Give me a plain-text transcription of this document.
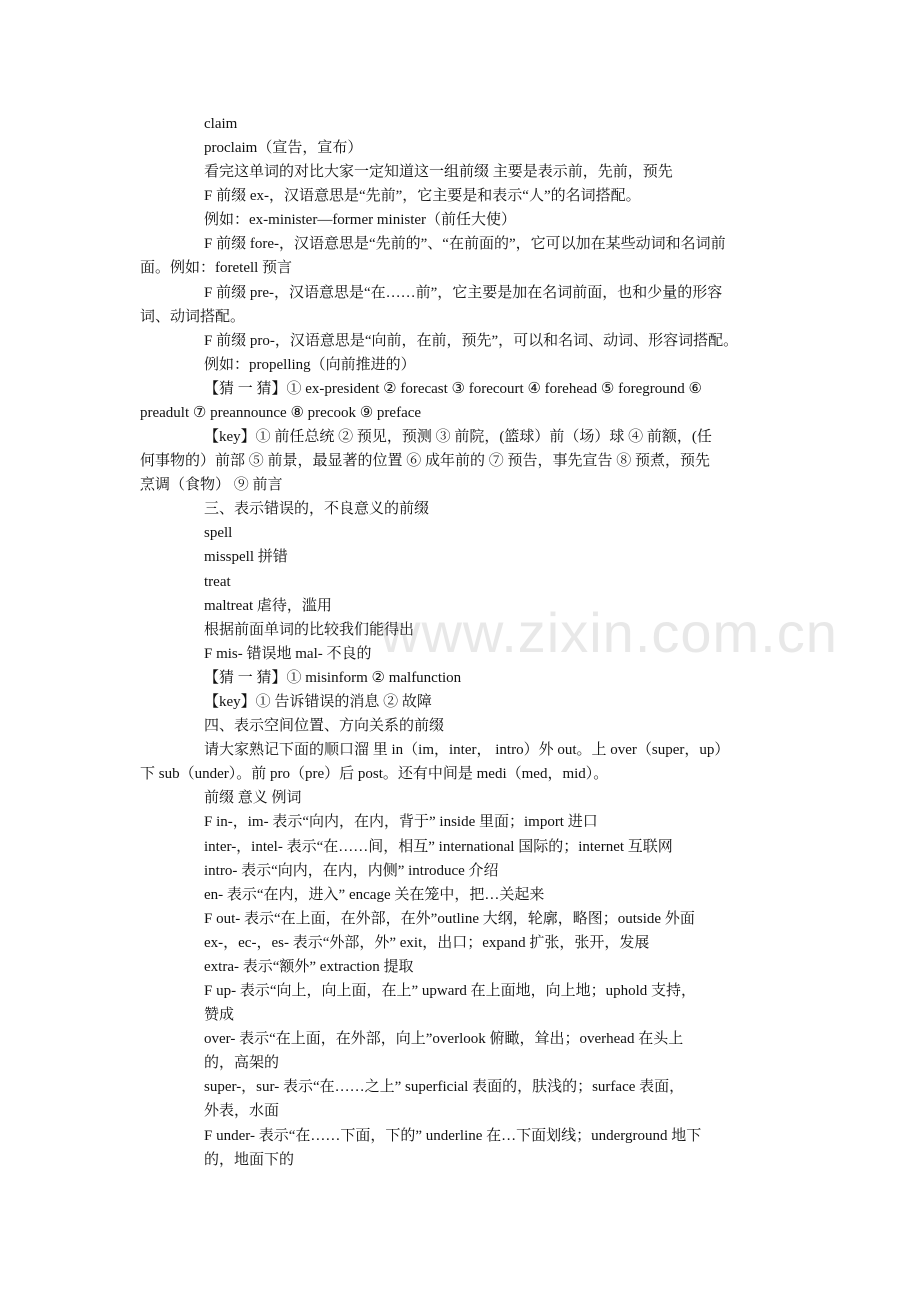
www.zixin.com.cn
claim
proclaim（宣告，宣布）
看完这单词的对比大家一定知道这一组前缀 主要是表示前，先前，预先
F 前缀 ex-，汉语意思是“先前”，它主要是和表示“人”的名词搭配。
例如：ex-minister—former minister（前任大使）
F 前缀 fore-，汉语意思是“先前的”、“在前面的”，它可以加在某些动词和名词前
面。例如：foretell 预言
F 前缀 pre-，汉语意思是“在……前”，它主要是加在名词前面，也和少量的形容
词、动词搭配。
F 前缀 pro-，汉语意思是“向前，在前，预先”，可以和名词、动词、形容词搭配。
例如：propelling（向前推进的）
【猜 一 猜】① ex-president ② forecast ③ forecourt ④ forehead ⑤ foreground ⑥
preadult ⑦ preannounce ⑧ precook ⑨ preface
【key】① 前任总统 ② 预见，预测 ③ 前院，(篮球）前（场）球 ④ 前额，(任
何事物的）前部 ⑤ 前景，最显著的位置 ⑥ 成年前的 ⑦ 预告，事先宣告 ⑧ 预煮，预先
烹调（食物） ⑨ 前言
三、表示错误的，不良意义的前缀
spell
misspell 拼错
treat
maltreat 虐待，滥用
根据前面单词的比较我们能得出
F mis- 错误地 mal- 不良的
【猜 一 猜】① misinform ② malfunction
【key】① 告诉错误的消息 ② 故障
四、表示空间位置、方向关系的前缀
请大家熟记下面的顺口溜 里 in（im，inter， intro）外 out。上 over（super，up）
下 sub（under）。前 pro（pre）后 post。还有中间是 medi（med，mid）。
前缀 意义 例词
F in-，im- 表示“向内，在内，背于” inside 里面；import 进口
inter-，intel- 表示“在……间，相互” international 国际的；internet 互联网
intro- 表示“向内，在内，内侧” introduce 介绍
en- 表示“在内，进入” encage 关在笼中，把…关起来
F out- 表示“在上面，在外部，在外”outline 大纲，轮廓，略图；outside 外面
ex-，ec-，es- 表示“外部，外” exit，出口；expand 扩张，张开，发展
extra- 表示“额外” extraction 提取
F up- 表示“向上，向上面，在上” upward 在上面地，向上地；uphold 支持，
赞成
over- 表示“在上面，在外部，向上”overlook 俯瞰，耸出；overhead 在头上
的，高架的
super-，sur- 表示“在……之上” superficial 表面的，肤浅的；surface 表面，
外表，水面
F under- 表示“在……下面，下的” underline 在…下面划线；underground 地下
的，地面下的
